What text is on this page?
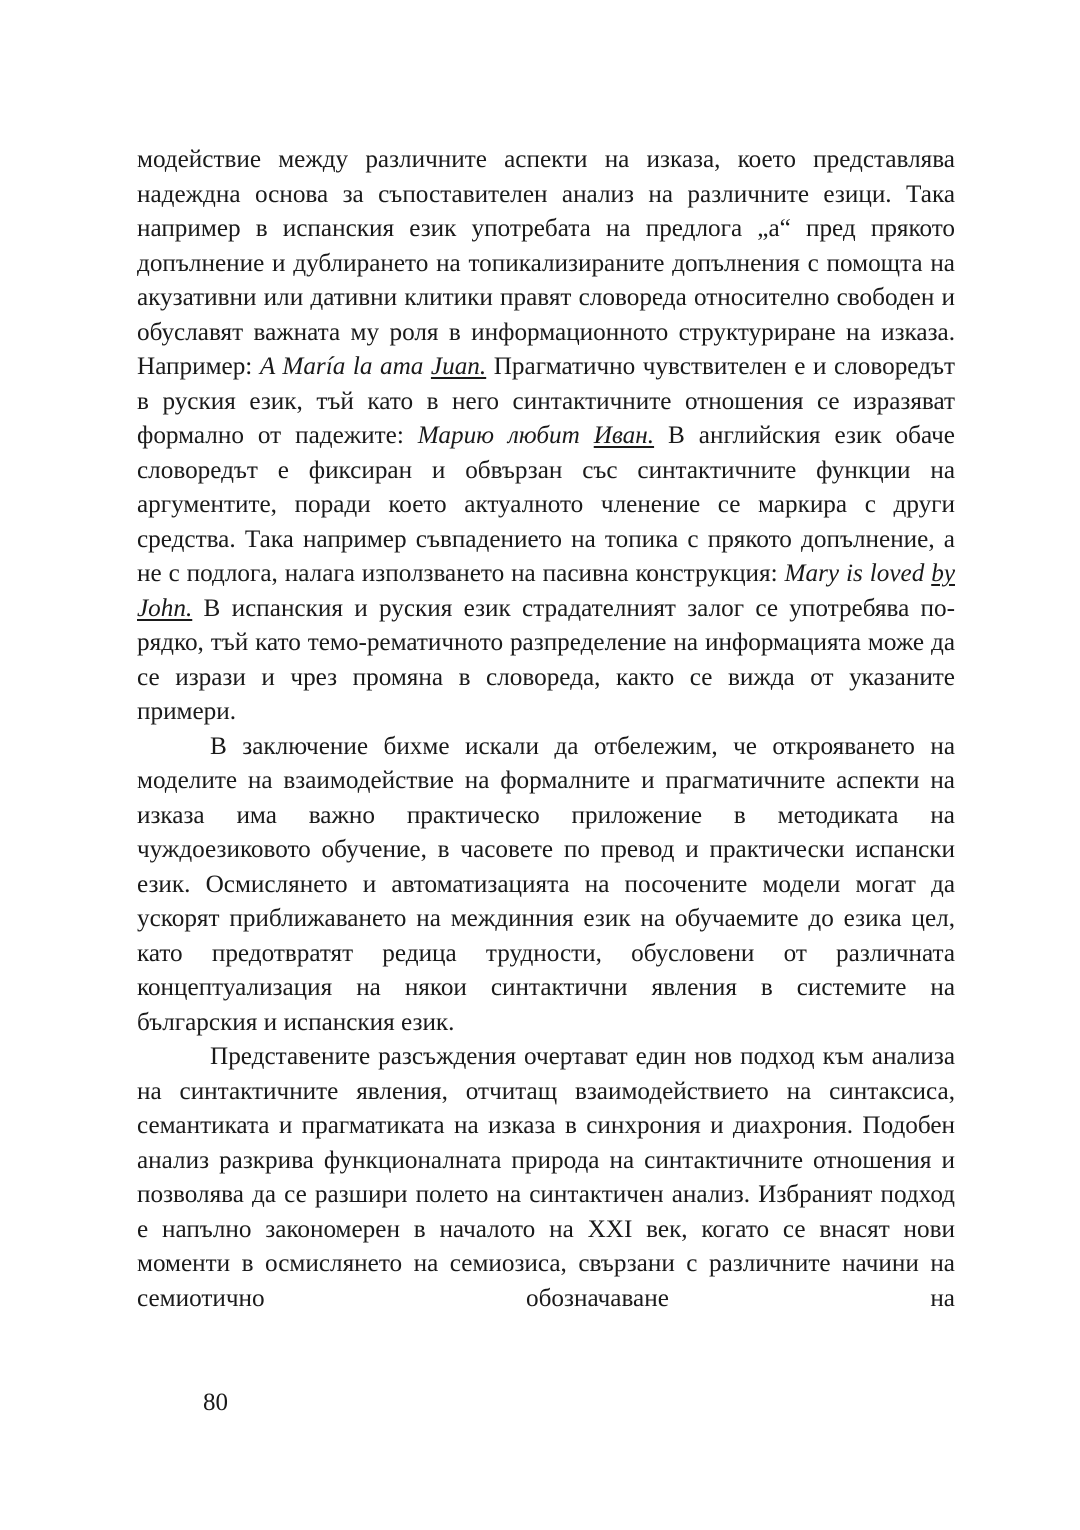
модействие между различните аспекти на изказа, което представлява надеждна основа за съпоставителен анализ на различните езици. Така например в испанския език употребата на предлога „а“ пред прякото допълнение и дублирането на топикализираните допълнения с помощта на акузативни или дативни клитики правят словореда относително свободен и обуславят важната му роля в информационното структуриране на изказа. Например: A María la ama Juan. Прагматично чувствителен е и словоредът в руския език, тъй като в него синтактичните отношения се изразяват формално от падежите: Марию любит Иван. В английския език обаче словоредът е фиксиран и обвързан със синтактичните функции на аргументите, поради което актуалното членение се маркира с други средства. Така например съвпадението на топика с прякото допълнение, а не с подлога, налага използването на пасивна конструкция: Mary is loved by John. В испанския и руския език страдателният залог се употребява по-рядко, тъй като темо-рематичното разпределение на информацията може да се изрази и чрез промяна в словореда, както се вижда от указаните примери.

В заключение бихме искали да отбележим, че открояването на моделите на взаимодействие на формалните и прагматичните аспекти на изказа има важно практическо приложение в методиката на чуждоезиковото обучение, в часовете по превод и практически испански език. Осмислянето и автоматизацията на посочените модели могат да ускорят приближаването на междинния език на обучаемите до езика цел, като предотвратят редица трудности, обусловени от различната концептуализация на някои синтактични явления в системите на българския и испанския език.

Представените разсъждения очертават един нов подход към анализа на синтактичните явления, отчитащ взаимодействието на синтаксиса, семантиката и прагматиката на изказа в синхрония и диахрония. Подобен анализ разкрива функционалната природа на синтактичните отношения и позволява да се разшири полето на синтактичен анализ. Избраният подход е напълно закономерен в началото на XXI век, когато се внасят нови моменти в осмислянето на семиозиса, свързани с различните начини на семиотично обозначаване на

80
